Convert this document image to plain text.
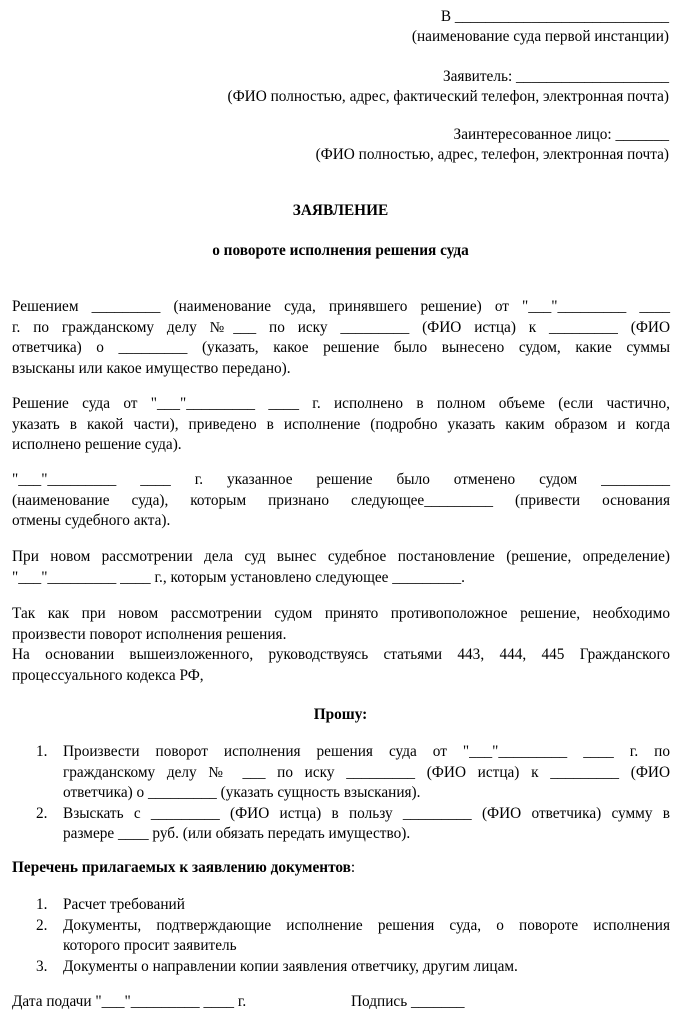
В ____________________________
(наименование суда первой инстанции)
Заявитель: ____________________
(ФИО полностью, адрес, фактический телефон, электронная почта)
Заинтересованное лицо: _______
(ФИО полностью, адрес, телефон, электронная почта)
ЗАЯВЛЕНИЕ
о повороте исполнения решения суда
Решением _________ (наименование суда, принявшего решение) от "___"_________ ____
г. по гражданскому делу №___ по иску _________ (ФИО истца) к _________ (ФИО
ответчика) о _________ (указать, какое решение было вынесено судом, какие суммы
взысканы или какое имущество передано).
Решение суда от "___"_________ ____ г. исполнено в полном объеме (если частично,
указать в какой части), приведено в исполнение (подробно указать каким образом и когда
исполнено решение суда).
"___"_________ ____ г. указанное решение было отменено судом _________
(наименование суда), которым признано следующее_________ (привести основания
отмены судебного акта).
При новом рассмотрении дела суд вынес судебное постановление (решение, определение)
"___"_________ ____ г., которым установлено следующее _________.
Так как при новом рассмотрении судом принято противоположное решение, необходимо
произвести поворот исполнения решения.
На основании вышеизложенного, руководствуясь статьями 443, 444, 445 Гражданского
процессуального кодекса РФ,
Прошу:
1. Произвести поворот исполнения решения суда от "___"_________ ____ г. по
гражданскому делу № ___ по иску _________ (ФИО истца) к _________ (ФИО
ответчика) о _________ (указать сущность взыскания).
2. Взыскать с _________ (ФИО истца) в пользу _________ (ФИО ответчика) сумму в
размере ____ руб. (или обязать передать имущество).
Перечень прилагаемых к заявлению документов:
1. Расчет требований
2. Документы, подтверждающие исполнение решения суда, о повороте исполнения
которого просит заявитель
3. Документы о направлении копии заявления ответчику, другим лицам.
Дата подачи "___"_________ ____ г.	Подпись _______
